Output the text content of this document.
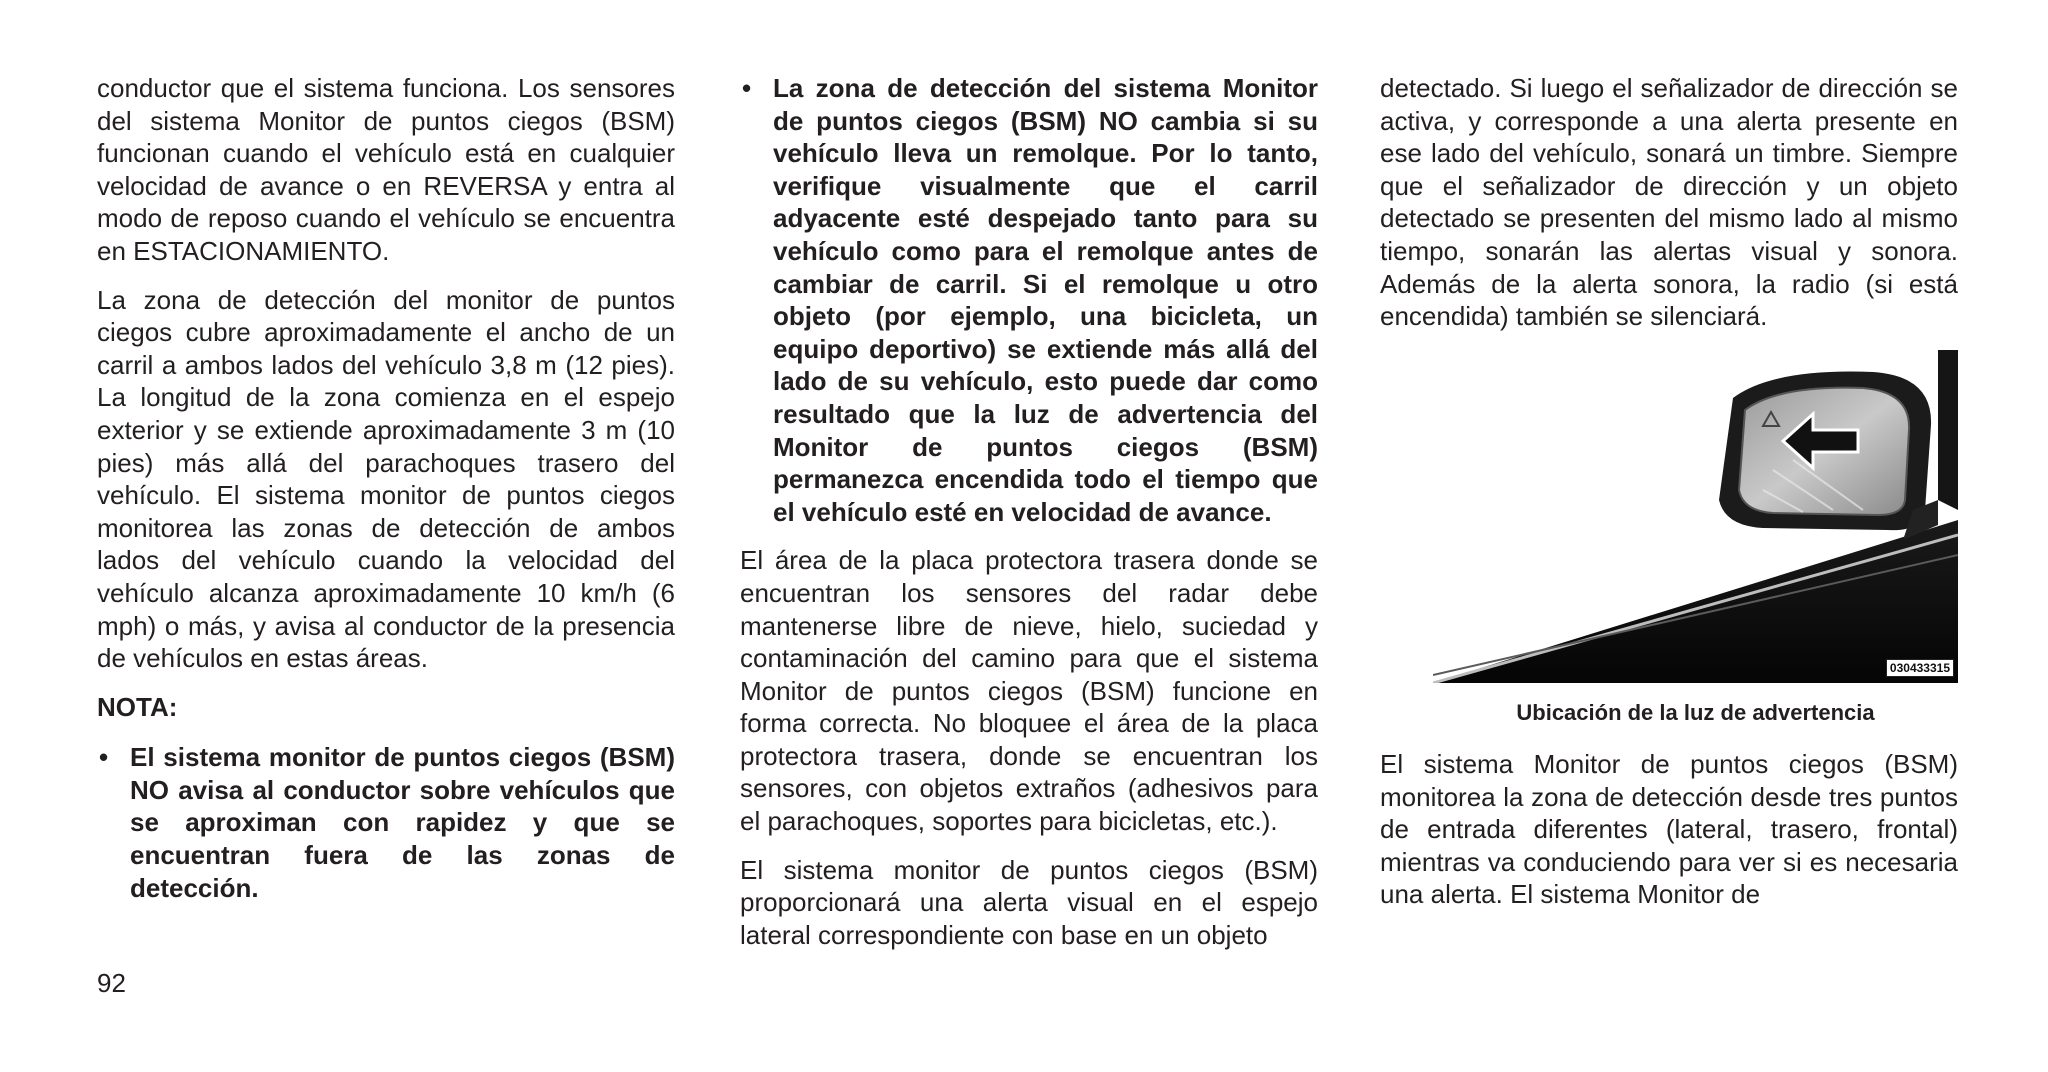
conductor que el sistema funciona. Los sensores del sistema Monitor de puntos ciegos (BSM) funcionan cuando el vehículo está en cualquier velocidad de avance o en REVERSA y entra al modo de reposo cuando el vehículo se encuentra en ESTACIONAMIENTO.

La zona de detección del monitor de puntos ciegos cubre aproximadamente el ancho de un carril a ambos lados del vehículo 3,8 m (12 pies). La longitud de la zona comienza en el espejo exterior y se extiende aproximadamente 3 m (10 pies) más allá del parachoques trasero del vehículo. El sistema monitor de puntos ciegos monitorea las zonas de detección de ambos lados del vehículo cuando la velocidad del vehículo alcanza aproximadamente 10 km/h (6 mph) o más, y avisa al conductor de la presencia de vehículos en estas áreas.

NOTA:
• El sistema monitor de puntos ciegos (BSM) NO avisa al conductor sobre vehículos que se aproximan con rapidez y que se encuentran fuera de las zonas de detección.
• La zona de detección del sistema Monitor de puntos ciegos (BSM) NO cambia si su vehículo lleva un remolque. Por lo tanto, verifique visualmente que el carril adyacente esté despejado tanto para su vehículo como para el remolque antes de cambiar de carril. Si el remolque u otro objeto (por ejemplo, una bicicleta, un equipo deportivo) se extiende más allá del lado de su vehículo, esto puede dar como resultado que la luz de advertencia del Monitor de puntos ciegos (BSM) permanezca encendida todo el tiempo que el vehículo esté en velocidad de avance.

El área de la placa protectora trasera donde se encuentran los sensores del radar debe mantenerse libre de nieve, hielo, suciedad y contaminación del camino para que el sistema Monitor de puntos ciegos (BSM) funcione en forma correcta. No bloquee el área de la placa protectora trasera, donde se encuentran los sensores, con objetos extraños (adhesivos para el parachoques, soportes para bicicletas, etc.).

El sistema monitor de puntos ciegos (BSM) proporcionará una alerta visual en el espejo lateral correspondiente con base en un objeto

detectado. Si luego el señalizador de dirección se activa, y corresponde a una alerta presente en ese lado del vehículo, sonará un timbre. Siempre que el señalizador de dirección y un objeto detectado se presenten del mismo lado al mismo tiempo, sonarán las alertas visual y sonora. Además de la alerta sonora, la radio (si está encendida) también se silenciará.

030433315
Ubicación de la luz de advertencia

El sistema Monitor de puntos ciegos (BSM) monitorea la zona de detección desde tres puntos de entrada diferentes (lateral, trasero, frontal) mientras va conduciendo para ver si es necesaria una alerta. El sistema Monitor de

92
